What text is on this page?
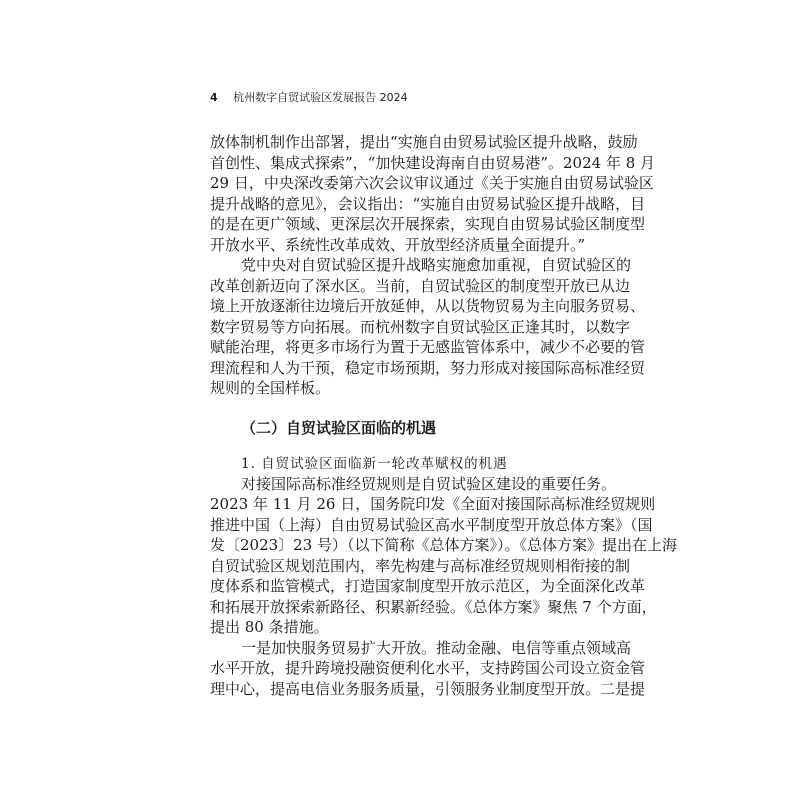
4 杭州数字自贸试验区发展报告 2024
放体制机制作出部署，提出“实施自由贸易试验区提升战略，鼓励
首创性、集成式探索”，“加快建设海南自由贸易港”。2024 年 8 月
29 日，中央深改委第六次会议审议通过《关于实施自由贸易试验区
提升战略的意见》，会议指出：“实施自由贸易试验区提升战略，目
的是在更广领域、更深层次开展探索，实现自由贸易试验区制度型
开放水平、系统性改革成效、开放型经济质量全面提升。”
党中央对自贸试验区提升战略实施愈加重视，自贸试验区的
改革创新迈向了深水区。当前，自贸试验区的制度型开放已从边
境上开放逐渐往边境后开放延伸，从以货物贸易为主向服务贸易、
数字贸易等方向拓展。而杭州数字自贸试验区正逢其时，以数字
赋能治理，将更多市场行为置于无感监管体系中，减少不必要的管
理流程和人为干预，稳定市场预期，努力形成对接国际高标准经贸
规则的全国样板。
（二）自贸试验区面临的机遇
1. 自贸试验区面临新一轮改革赋权的机遇
对接国际高标准经贸规则是自贸试验区建设的重要任务。
2023 年 11 月 26 日，国务院印发《全面对接国际高标准经贸规则
推进中国（上海）自由贸易试验区高水平制度型开放总体方案》（国
发〔2023〕23 号）（以下简称《总体方案》）。《总体方案》提出在上海
自贸试验区规划范围内，率先构建与高标准经贸规则相衔接的制
度体系和监管模式，打造国家制度型开放示范区，为全面深化改革
和拓展开放探索新路径、积累新经验。《总体方案》聚焦 7 个方面，
提出 80 条措施。
一是加快服务贸易扩大开放。推动金融、电信等重点领域高
水平开放，提升跨境投融资便利化水平，支持跨国公司设立资金管
理中心，提高电信业务服务质量，引领服务业制度型开放。二是提
